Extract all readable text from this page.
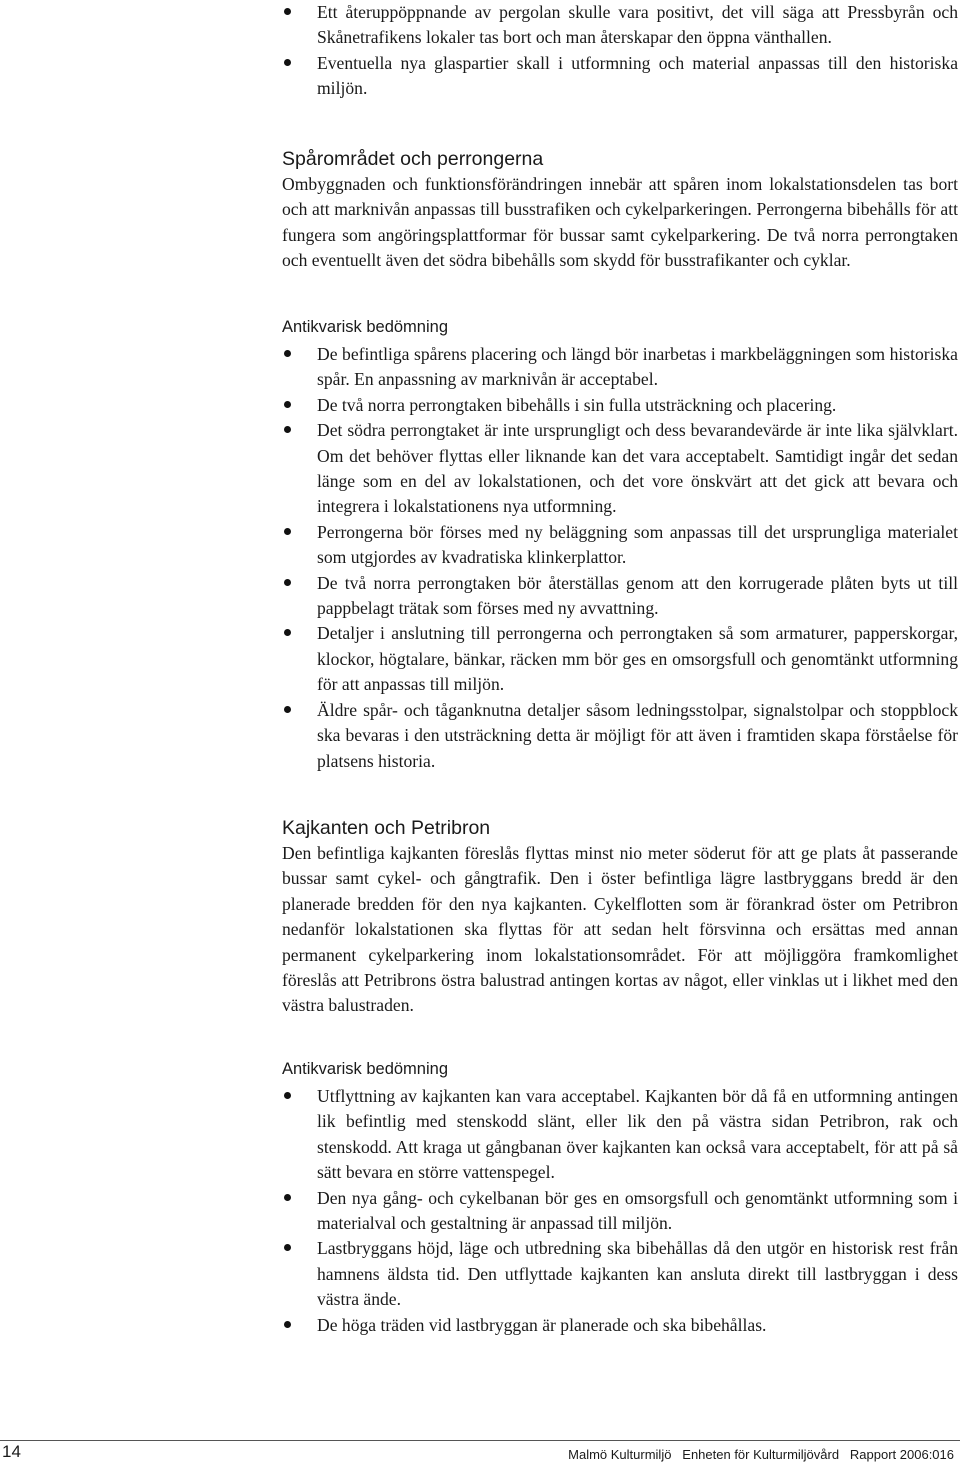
Ett återuppöppnande av pergolan skulle vara positivt, det vill säga att Pressbyrån och Skånetrafikens lokaler tas bort och man återskapar den öppna vänthallen.
Eventuella nya glaspartier skall i utformning och material anpassas till den historiska miljön.
Spårområdet och perrongerna

Ombyggnaden och funktionsförändringen innebär att spåren inom lokalstationsdelen tas bort och att marknivån anpassas till busstrafiken och cykelparkeringen. Perrongerna bibehålls för att fungera som angöringsplattformar för bussar samt cykelparkering. De två norra perrongtaken och eventuellt även det södra bibehålls som skydd för busstrafikanter och cyklar.

Antikvarisk bedömning
De befintliga spårens placering och längd bör inarbetas i markbeläggningen som historiska spår. En anpassning av marknivån är acceptabel.
De två norra perrongtaken bibehålls i sin fulla utsträckning och placering.
Det södra perrongtaket är inte ursprungligt och dess bevarandevärde är inte lika självklart. Om det behöver flyttas eller liknande kan det vara acceptabelt. Samtidigt ingår det sedan länge som en del av lokalstationen, och det vore önskvärt att det gick att bevara och integrera i lokalstationens nya utformning.
Perrongerna bör förses med ny beläggning som anpassas till det ursprungliga materialet som utgjordes av kvadratiska klinkerplattor.
De två norra perrongtaken bör återställas genom att den korrugerade plåten byts ut till pappbelagt trätak som förses med ny avvattning.
Detaljer i anslutning till perrongerna och perrongtaken så som armaturer, papperskorgar, klockor, högtalare, bänkar, räcken mm bör ges en omsorgsfull och genomtänkt utformning för att anpassas till miljön.
Äldre spår- och tåganknutna detaljer såsom ledningsstolpar, signalstolpar och stoppblock ska bevaras i den utsträckning detta är möjligt för att även i framtiden skapa förståelse för platsens historia.
Kajkanten och Petribron

Den befintliga kajkanten föreslås flyttas minst nio meter söderut för att ge plats åt passerande bussar samt cykel- och gångtrafik. Den i öster befintliga lägre lastbryggans bredd är den planerade bredden för den nya kajkanten. Cykelflotten som är förankrad öster om Petribron nedanför lokalstationen ska flyttas för att sedan helt försvinna och ersättas med annan permanent cykelparkering inom lokalstationsområdet. För att möjliggöra framkomlighet föreslås att Petribrons östra balustrad antingen kortas av något, eller vinklas ut i likhet med den västra balustraden.

Antikvarisk bedömning
Utflyttning av kajkanten kan vara acceptabel. Kajkanten bör då få en utformning antingen lik befintlig med stenskodd slänt, eller lik den på västra sidan Petribron, rak och stenskodd. Att kraga ut gångbanan över kajkanten kan också vara acceptabelt, för att på så sätt bevara en större vattenspegel.
Den nya gång- och cykelbanan bör ges en omsorgsfull och genomtänkt utformning som i materialval och gestaltning är anpassad till miljön.
Lastbryggans höjd, läge och utbredning ska bibehållas då den utgör en historisk rest från hamnens äldsta tid. Den utflyttade kajkanten kan ansluta direkt till lastbryggan i dess västra ände.
De höga träden vid lastbryggan är planerade och ska bibehållas.
14	Malmö Kulturmiljö   Enheten för Kulturmiljövård   Rapport 2006:016
